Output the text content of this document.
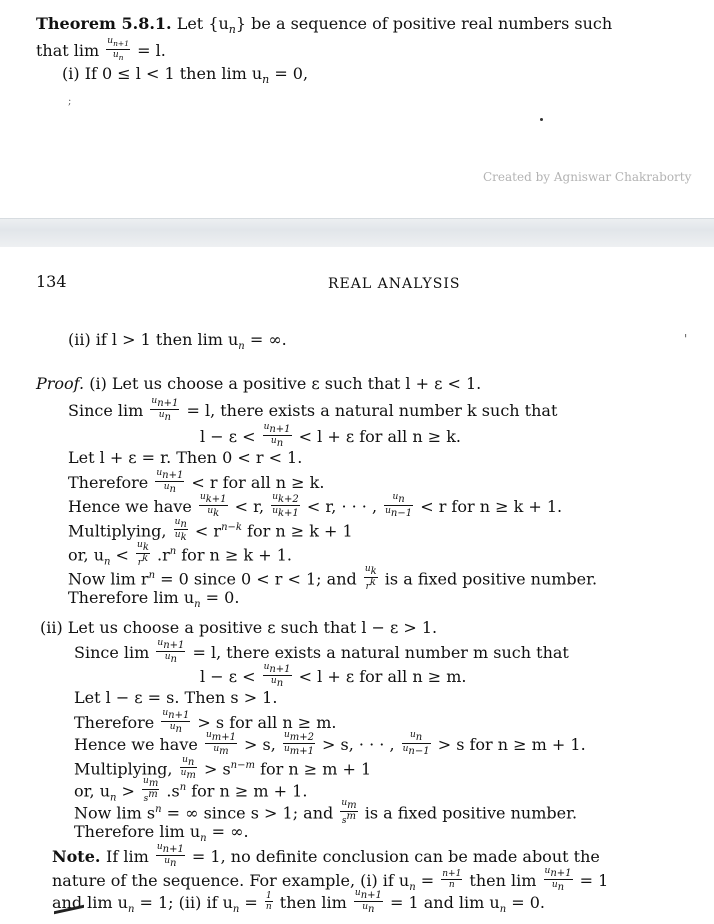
Theorem 5.8.1. Let $\{u_n\}$ be a sequence of positive real numbers such
that $\lim \frac{u_{n+1}}{u_n} = l$.
(i) If 0 ≤ l < 1 then $\lim u_n = 0$,
;
Created by Agniswar Chakraborty
134	REAL ANALYSIS
'
(ii) if l > 1 then $\lim u_n$ = ∞.
Proof. (i) Let us choose a positive ε such that l + ε < 1.
Since $\lim \frac{u_{n+1}}{u_n} = l$, there exists a natural number k such that
$l - \varepsilon < \frac{u_{n+1}}{u_n} < l + \varepsilon$ for all n ≥ k.
Let l + ε = r. Then 0 < r < 1.
Therefore $\frac{u_{n+1}}{u_n} < r$ for all n ≥ k.
Hence we have $\frac{u_{k+1}}{u_k} < r$, $\frac{u_{k+2}}{u_{k+1}} < r$, · · · , $\frac{u_n}{u_{n-1}} < r$ for n ≥ k + 1.
Multiplying, $\frac{u_n}{u_k} < r^{n-k}$ for n ≥ k + 1
or, $u_n < \frac{u_k}{r^k} .r^n$ for n ≥ k + 1.
Now $\lim r^n = 0$ since 0 < r < 1; and $\frac{u_k}{r^k}$ is a fixed positive number.
Therefore $\lim u_n = 0$.
(ii) Let us choose a positive ε such that l − ε > 1.
Since $\lim \frac{u_{n+1}}{u_n} = l$, there exists a natural number m such that
$l - \varepsilon < \frac{u_{n+1}}{u_n} < l + \varepsilon$ for all n ≥ m.
Let l − ε = s. Then s > 1.
Therefore $\frac{u_{n+1}}{u_n} > s$ for all n ≥ m.
Hence we have $\frac{u_{m+1}}{u_m} > s$, $\frac{u_{m+2}}{u_{m+1}} > s$, · · · , $\frac{u_n}{u_{n-1}} > s$ for n ≥ m + 1.
Multiplying, $\frac{u_n}{u_m} > s^{n-m}$ for n ≥ m + 1
or, $u_n > \frac{u_m}{s^m} .s^n$ for n ≥ m + 1.
Now $\lim s^n$ = ∞ since s > 1; and $\frac{u_m}{s^m}$ is a fixed positive number.
Therefore $\lim u_n$ = ∞.
Note. If $\lim \frac{u_{n+1}}{u_n} = 1$, no definite conclusion can be made about the
nature of the sequence. For example, (i) if $u_n = \frac{n+1}{n}$ then $\lim \frac{u_{n+1}}{u_n} = 1$
and $\lim u_n = 1$; (ii) if $u_n = \frac{1}{n}$ then $\lim \frac{u_{n+1}}{u_n} = 1$ and $\lim u_n = 0$.
